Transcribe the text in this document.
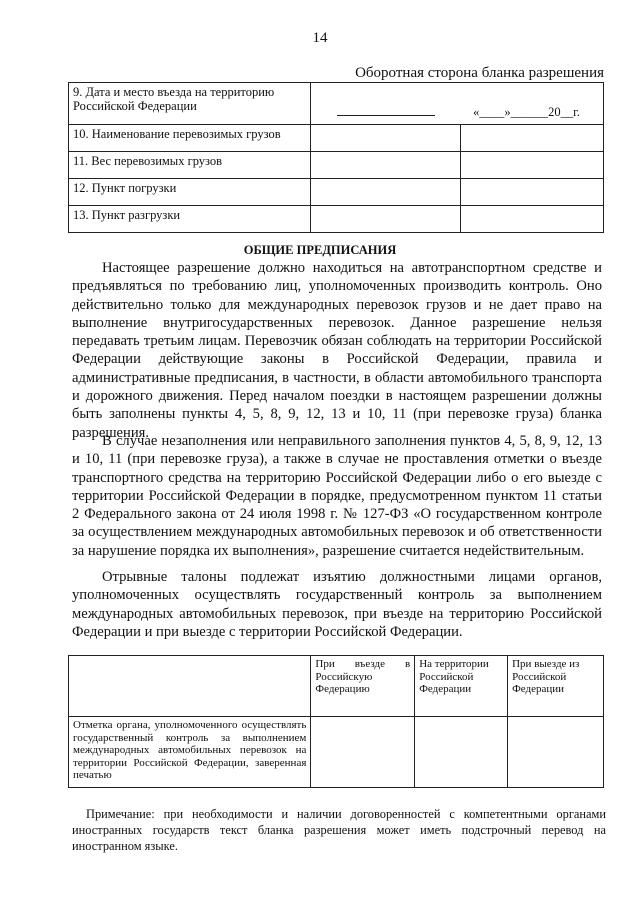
14
Оборотная сторона бланка разрешения
9. Дата и место въезда на территорию Российской Федерации	«____»______20__г.	
10. Наименование перевозимых грузов		
11. Вес перевозимых грузов		
12. Пункт погрузки		
13. Пункт разгрузки		
ОБЩИЕ ПРЕДПИСАНИЯ

Настоящее разрешение должно находиться на автотранспортном средстве и предъявляться по требованию лиц, уполномоченных производить контроль. Оно действительно только для международных перевозок грузов и не дает право на выполнение внутригосударственных перевозок. Данное разрешение нельзя передавать третьим лицам. Перевозчик обязан соблюдать на территории Российской Федерации действующие законы в Российской Федерации, правила и административные предписания, в частности, в области автомобильного транспорта и дорожного движения. Перед началом поездки в настоящем разрешении должны быть заполнены пункты 4, 5, 8, 9, 12, 13 и 10, 11 (при перевозке груза) бланка разрешения.

В случае незаполнения или неправильного заполнения пунктов 4, 5, 8, 9, 12, 13 и 10, 11 (при перевозке груза), а также в случае не проставления отметки о въезде транспортного средства на территорию Российской Федерации либо о его выезде с территории Российской Федерации в порядке, предусмотренном пунктом 11 статьи 2 Федерального закона от 24 июля 1998 г. № 127-ФЗ «О государственном контроле за осуществлением международных автомобильных перевозок и об ответственности за нарушение порядка их выполнения», разрешение считается недействительным.

Отрывные талоны подлежат изъятию должностными лицами органов, уполномоченных осуществлять государственный контроль за выполнением международных автомобильных перевозок, при въезде на территорию Российской Федерации и при выезде с территории Российской Федерации.

	При въезде в Российскую Федерацию	На территории Российской Федерации	При выезде из Российской Федерации
Отметка органа, уполномоченного осуществлять государственный контроль за выполнением международных автомобильных перевозок на территории Российской Федерации, заверенная печатью			
Примечание: при необходимости и наличии договоренностей с компетентными органами иностранных государств текст бланка разрешения может иметь подстрочный перевод на иностранном языке.
